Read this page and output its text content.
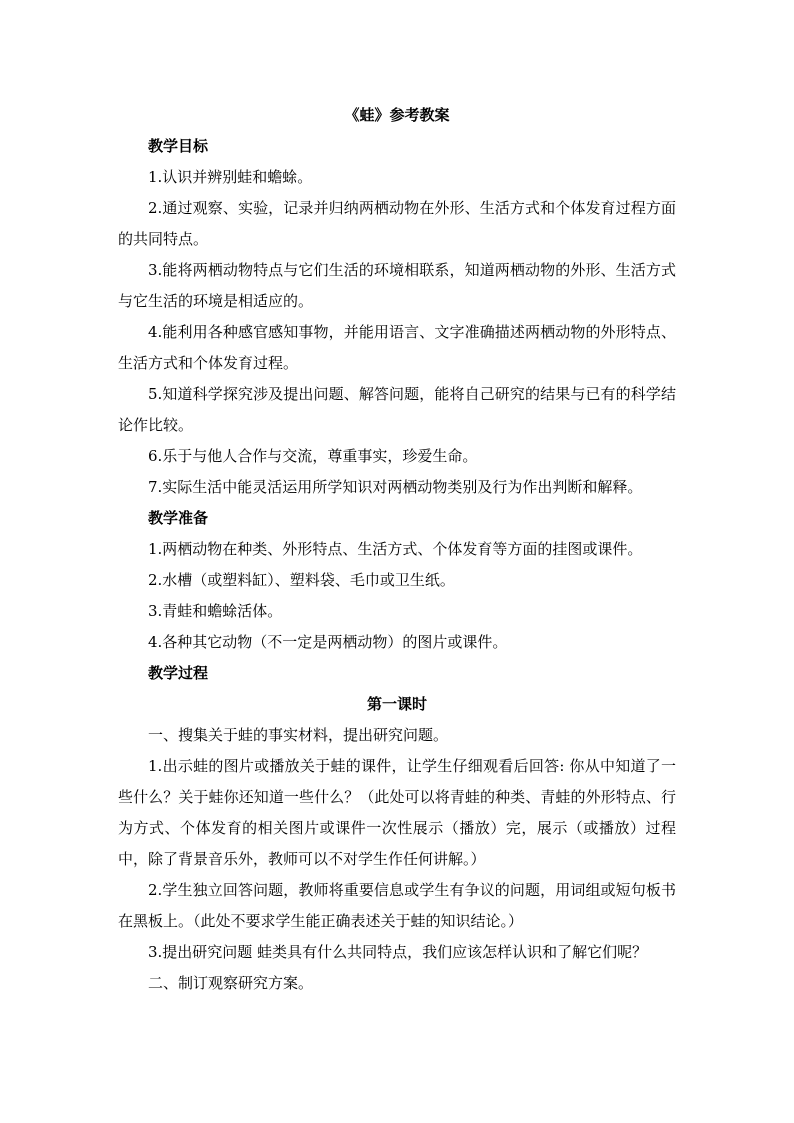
《蛙》参考教案

教学目标

1.认识并辨别蛙和蟾蜍。

2.通过观察、实验，记录并归纳两栖动物在外形、生活方式和个体发育过程方面的共同特点。

3.能将两栖动物特点与它们生活的环境相联系，知道两栖动物的外形、生活方式与它生活的环境是相适应的。

4.能利用各种感官感知事物，并能用语言、文字准确描述两栖动物的外形特点、生活方式和个体发育过程。

5.知道科学探究涉及提出问题、解答问题，能将自己研究的结果与已有的科学结论作比较。

6.乐于与他人合作与交流，尊重事实，珍爱生命。

7.实际生活中能灵活运用所学知识对两栖动物类别及行为作出判断和解释。

教学准备

1.两栖动物在种类、外形特点、生活方式、个体发育等方面的挂图或课件。

2.水槽（或塑料缸）、塑料袋、毛巾或卫生纸。

3.青蛙和蟾蜍活体。

4.各种其它动物（不一定是两栖动物）的图片或课件。

教学过程

第一课时

一、搜集关于蛙的事实材料，提出研究问题。

1.出示蛙的图片或播放关于蛙的课件，让学生仔细观看后回答: 你从中知道了一些什么？关于蛙你还知道一些什么？（此处可以将青蛙的种类、青蛙的外形特点、行为方式、个体发育的相关图片或课件一次性展示（播放）完，展示（或播放）过程中，除了背景音乐外，教师可以不对学生作任何讲解。）

2.学生独立回答问题，教师将重要信息或学生有争议的问题，用词组或短句板书在黑板上。（此处不要求学生能正确表述关于蛙的知识结论。）

3.提出研究问题 蛙类具有什么共同特点，我们应该怎样认识和了解它们呢？

二、制订观察研究方案。
